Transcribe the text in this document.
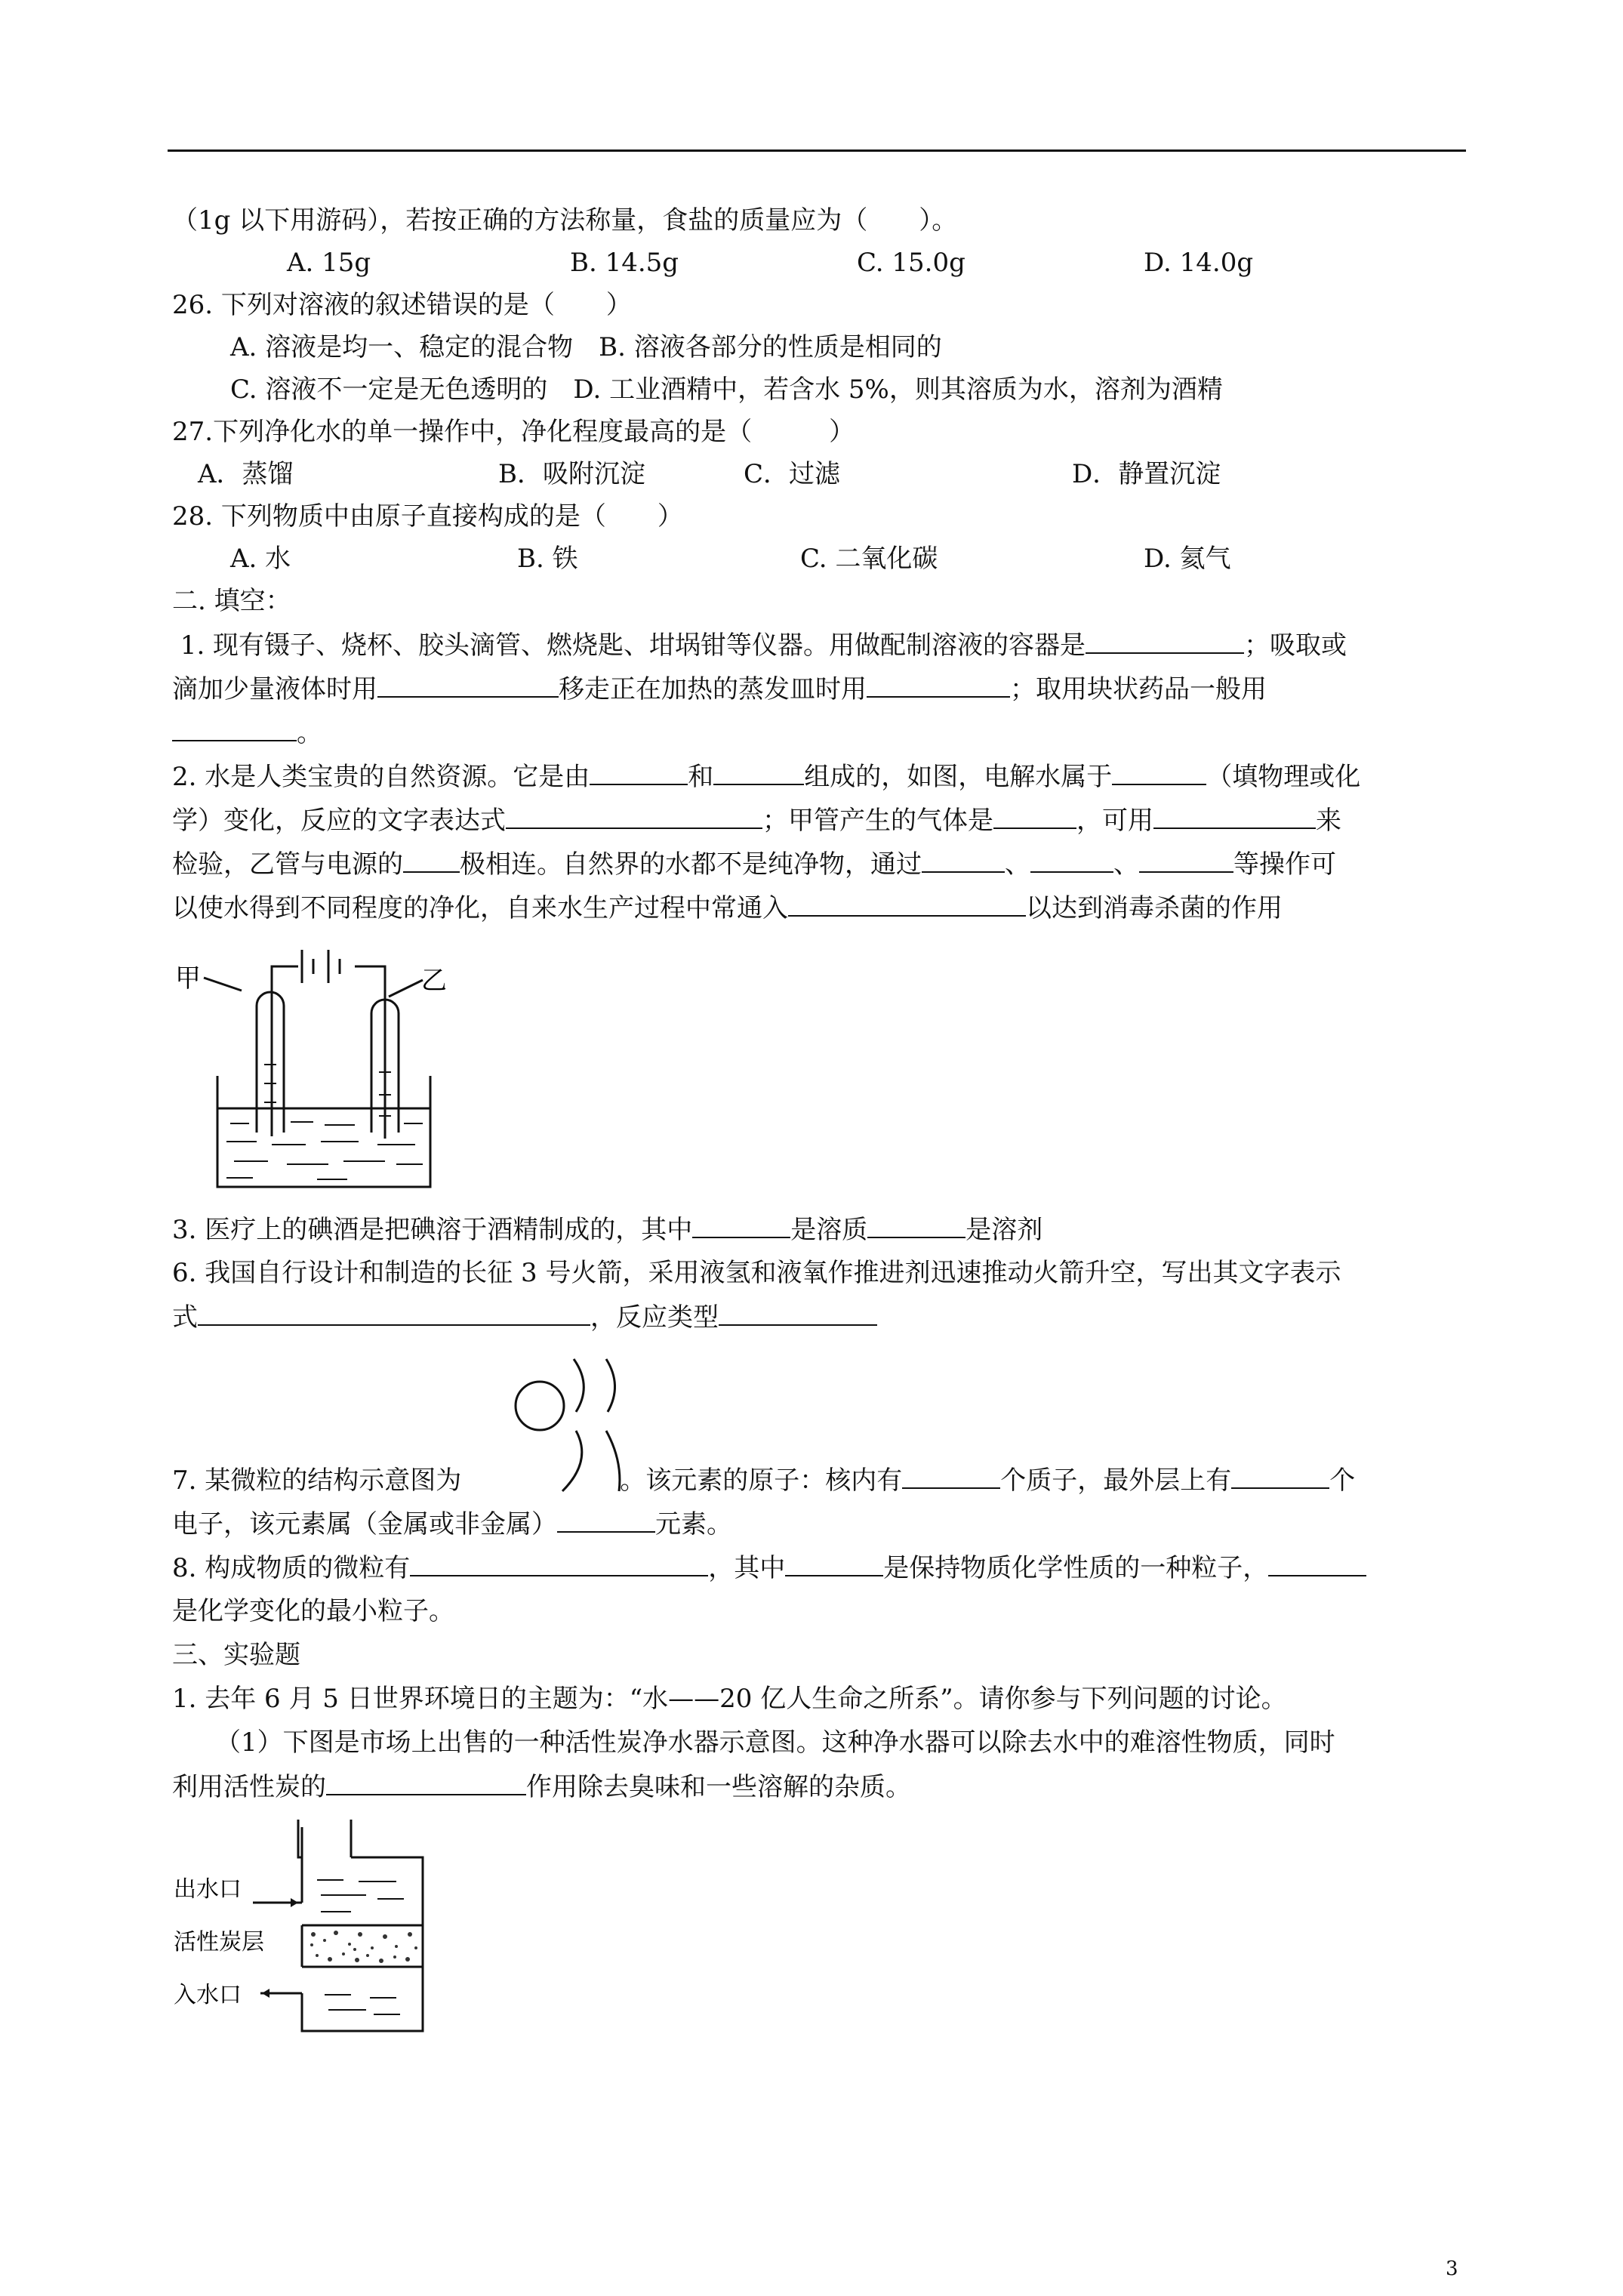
（1g 以下用游码），若按正确的方法称量，食盐的质量应为（　　）。
A. 15g	B. 14.5g	C. 15.0g	D. 14.0g
26. 下列对溶液的叙述错误的是（　　）
A. 溶液是均一、稳定的混合物　B. 溶液各部分的性质是相同的
C. 溶液不一定是无色透明的　D. 工业酒精中，若含水 5%，则其溶质为水，溶剂为酒精
27.下列净化水的单一操作中，净化程度最高的是（　　　）
A．蒸馏	B．吸附沉淀	C．过滤	D．静置沉淀
28. 下列物质中由原子直接构成的是（　　）
A. 水	B. 铁	C. 二氧化碳	D. 氦气
二. 填空：
1. 现有镊子、烧杯、胶头滴管、燃烧匙、坩埚钳等仪器。用做配制溶液的容器是	；吸取或
滴加少量液体时用	移走正在加热的蒸发皿时用	；取用块状药品一般用
。
2. 水是人类宝贵的自然资源。它是由	和	组成的，如图，电解水属于	（填物理或化
学）变化，反应的文字表达式	；甲管产生的气体是	，可用	来
检验，乙管与电源的 极相连。自然界的水都不是纯净物，通过	、	、	等操作可
以使水得到不同程度的净化，自来水生产过程中常通入	以达到消毒杀菌的作用
甲	乙
3. 医疗上的碘酒是把碘溶于酒精制成的，其中	是溶质	是溶剂
6. 我国自行设计和制造的长征 3 号火箭，采用液氢和液氧作推进剂迅速推动火箭升空，写出其文字表示
式	，反应类型
7. 某微粒的结构示意图为	。该元素的原子：核内有	个质子，最外层上有	个
电子，该元素属（金属或非金属）	元素。
8. 构成物质的微粒有	，其中	是保持物质化学性质的一种粒子，
是化学变化的最小粒子。
三、实验题
1. 去年 6 月 5 日世界环境日的主题为：“水——20 亿人生命之所系”。请你参与下列问题的讨论。
（1）下图是市场上出售的一种活性炭净水器示意图。这种净水器可以除去水中的难溶性物质，同时
利用活性炭的	作用除去臭味和一些溶解的杂质。
出水口
活性炭层
入水口
3
